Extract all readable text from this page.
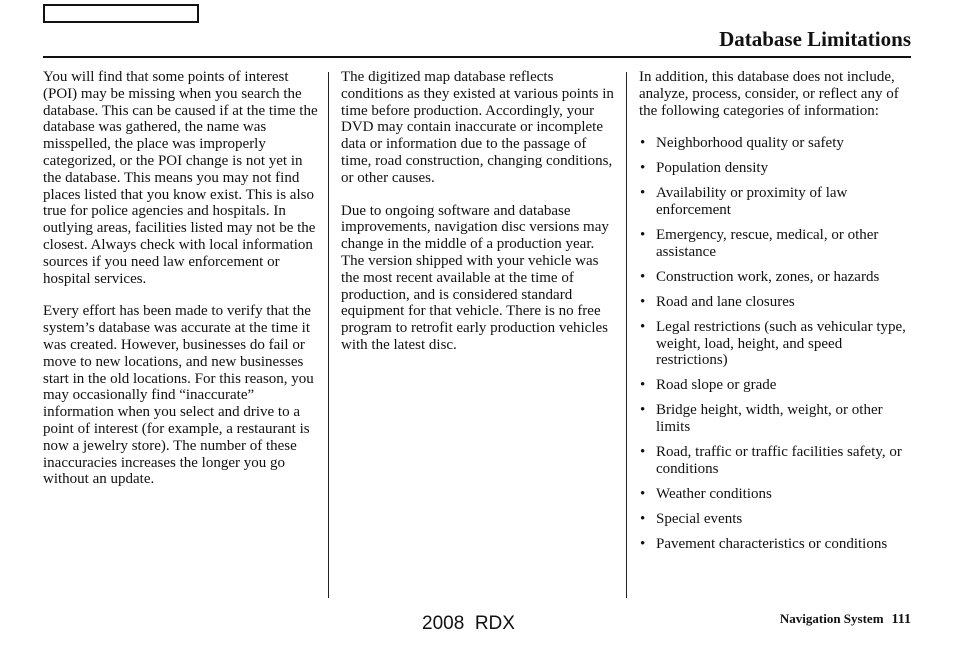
Database Limitations

You will find that some points of interest (POI) may be missing when you search the database. This can be caused if at the time the database was gathered, the name was misspelled, the place was improperly categorized, or the POI change is not yet in the database. This means you may not find places listed that you know exist. This is also true for police agencies and hospitals. In outlying areas, facilities listed may not be the closest. Always check with local information sources if you need law enforcement or hospital services.

Every effort has been made to verify that the system’s database was accurate at the time it was created. However, businesses do fail or move to new locations, and new businesses start in the old locations. For this reason, you may occasionally find “inaccurate” information when you select and drive to a point of interest (for example, a restaurant is now a jewelry store). The number of these inaccuracies increases the longer you go without an update.

The digitized map database reflects conditions as they existed at various points in time before production. Accordingly, your DVD may contain inaccurate or incomplete data or information due to the passage of time, road construction, changing conditions, or other causes.

Due to ongoing software and database improvements, navigation disc versions may change in the middle of a production year. The version shipped with your vehicle was the most recent available at the time of production, and is considered standard equipment for that vehicle. There is no free program to retrofit early production vehicles with the latest disc.

In addition, this database does not include, analyze, process, consider, or reflect any of the following categories of information:

• Neighborhood quality or safety
• Population density
• Availability or proximity of law enforcement
• Emergency, rescue, medical, or other assistance
• Construction work, zones, or hazards
• Road and lane closures
• Legal restrictions (such as vehicular type, weight, load, height, and speed restrictions)
• Road slope or grade
• Bridge height, width, weight, or other limits
• Road, traffic or traffic facilities safety, or conditions
• Weather conditions
• Special events
• Pavement characteristics or conditions
2008  RDX	Navigation System 111
